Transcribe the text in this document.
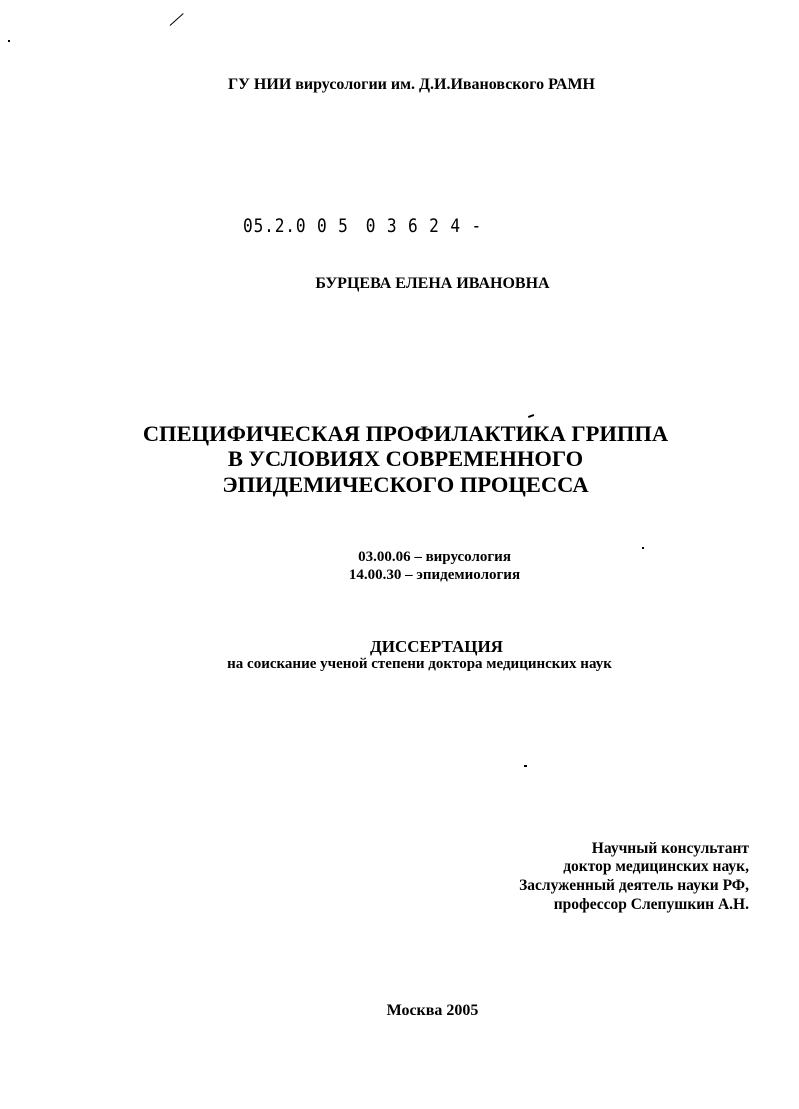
ГУ НИИ вирусологии им. Д.И.Ивановского РАМН

05.2.0 0 5 0 3 6 2 4 -

БУРЦЕВА ЕЛЕНА ИВАНОВНА

СПЕЦИФИЧЕСКАЯ ПРОФИЛАКТИКА ГРИППА

В УСЛОВИЯХ СОВРЕМЕННОГО

ЭПИДЕМИЧЕСКОГО ПРОЦЕССА

03.00.06 – вирусология

14.00.30 – эпидемиология

ДИССЕРТАЦИЯ

на соискание ученой степени доктора медицинских наук

Научный консультант

доктор медицинских наук,

Заслуженный деятель науки РФ,

профессор Слепушкин А.Н.

Москва 2005
